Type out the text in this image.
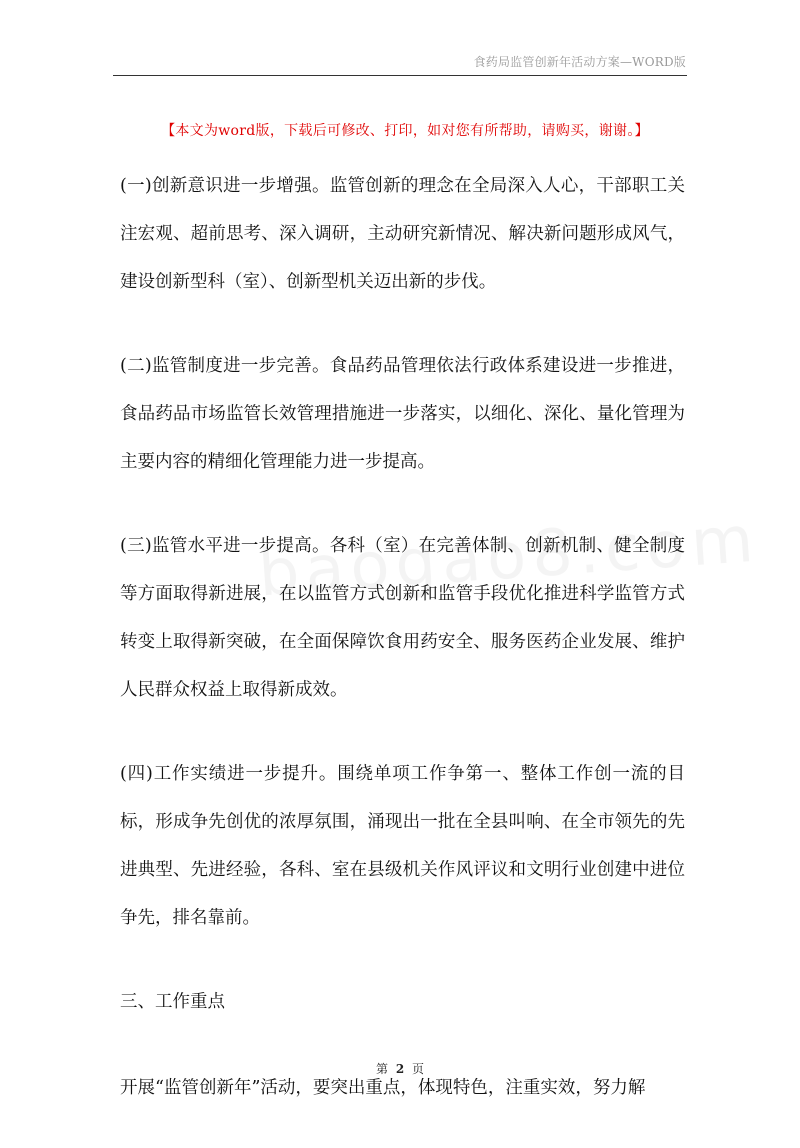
食药局监管创新年活动方案—WORD版
【本文为word版，下载后可修改、打印，如对您有所帮助，请购买，谢谢。】

(一)创新意识进一步增强。监管创新的理念在全局深入人心，干部职工关注宏观、超前思考、深入调研，主动研究新情况、解决新问题形成风气，建设创新型科（室）、创新型机关迈出新的步伐。

(二)监管制度进一步完善。食品药品管理依法行政体系建设进一步推进，食品药品市场监管长效管理措施进一步落实，以细化、深化、量化管理为主要内容的精细化管理能力进一步提高。

(三)监管水平进一步提高。各科（室）在完善体制、创新机制、健全制度等方面取得新进展，在以监管方式创新和监管手段优化推进科学监管方式转变上取得新突破，在全面保障饮食用药安全、服务医药企业发展、维护人民群众权益上取得新成效。

(四)工作实绩进一步提升。围绕单项工作争第一、整体工作创一流的目标，形成争先创优的浓厚氛围，涌现出一批在全县叫响、在全市领先的先进典型、先进经验，各科、室在县级机关作风评议和文明行业创建中进位争先，排名靠前。

三、工作重点

开展“监管创新年”活动，要突出重点，体现特色，注重实效，努力解

第 2 页
